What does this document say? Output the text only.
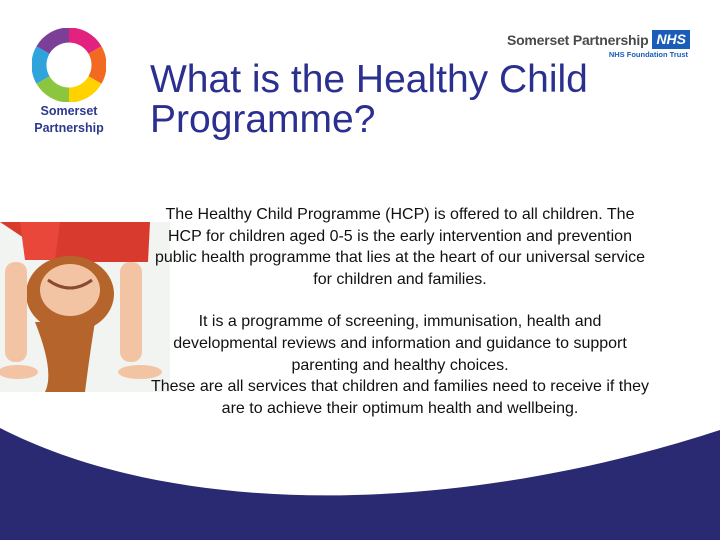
Somerset
Partnership
Somerset Partnership NHS
NHS Foundation Trust
What is the Healthy Child
Programme?

The Healthy Child Programme (HCP) is offered to all children. The HCP for children aged 0-5 is the early intervention and prevention public health programme that lies at the heart of our universal service for children and families.

It is a programme of screening, immunisation, health and developmental reviews and information and guidance to support parenting and healthy choices.

These are all services that children and families need to receive if they are to achieve their optimum health and wellbeing.
